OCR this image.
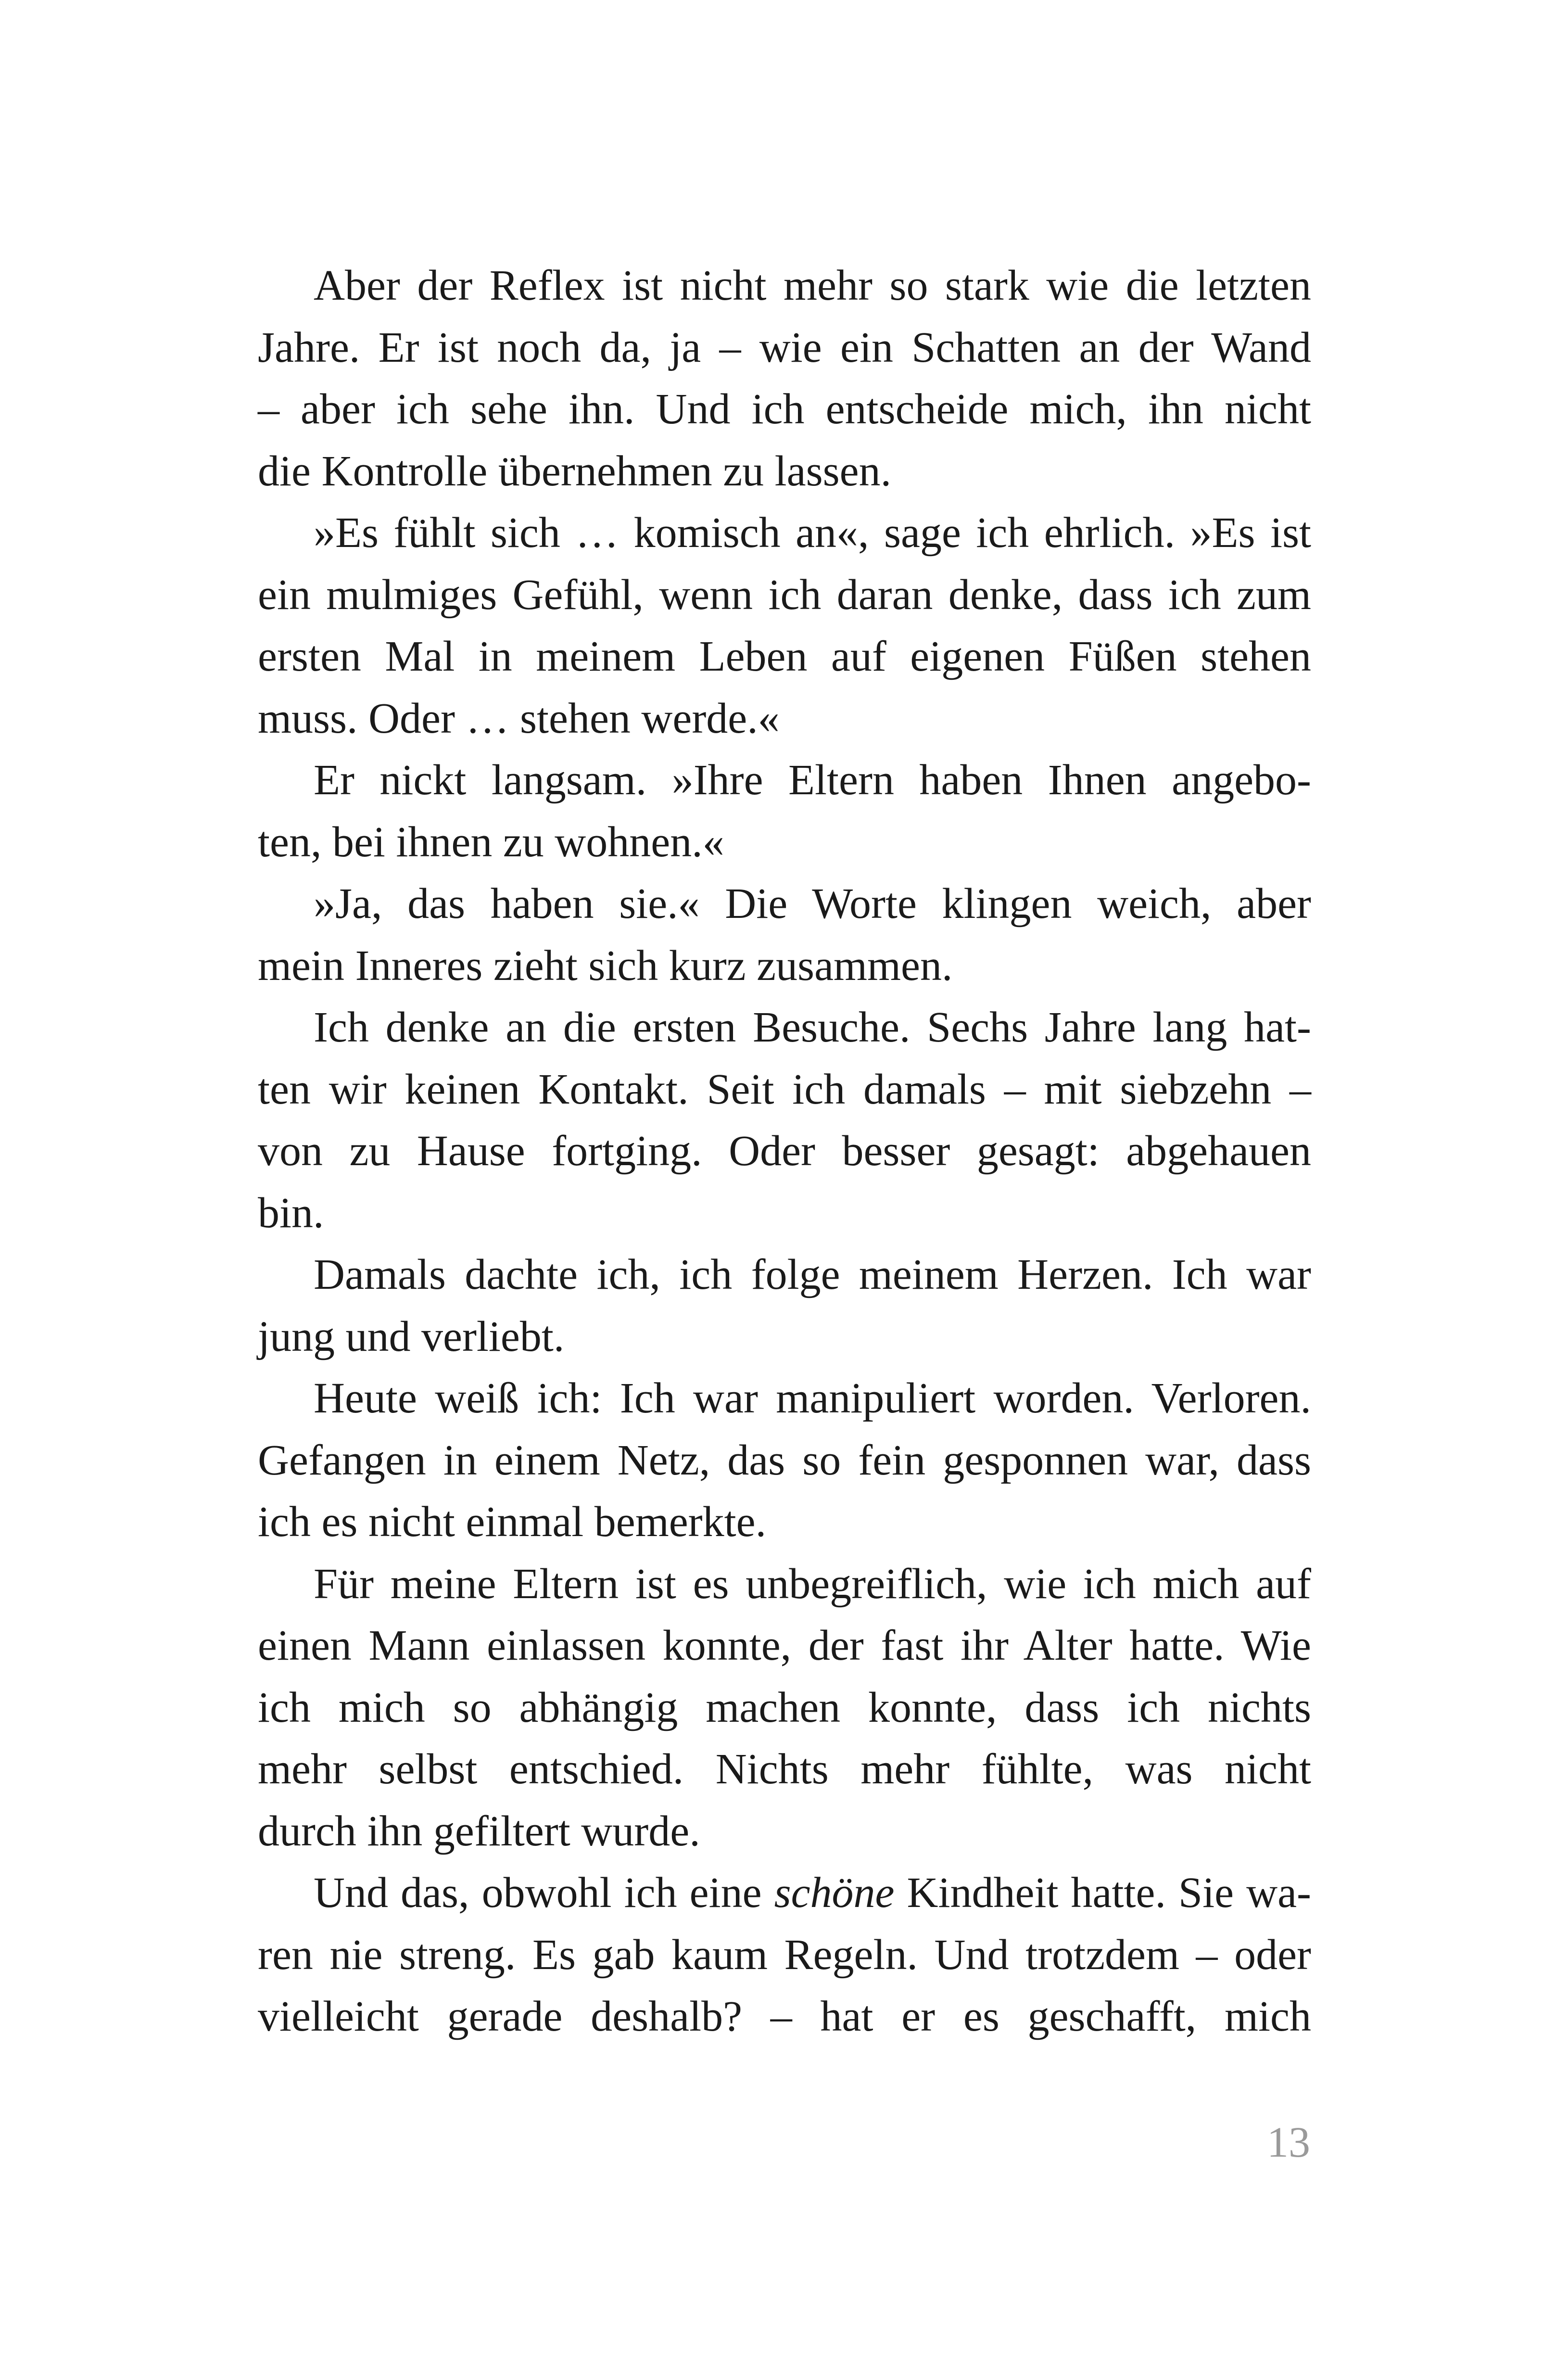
Aber der Reflex ist nicht mehr so stark wie die letzten
Jahre. Er ist noch da, ja – wie ein Schatten an der Wand
– aber ich sehe ihn. Und ich entscheide mich, ihn nicht
die Kontrolle übernehmen zu lassen.
»Es fühlt sich … komisch an«, sage ich ehrlich. »Es ist
ein mulmiges Gefühl, wenn ich daran denke, dass ich zum
ersten Mal in meinem Leben auf eigenen Füßen stehen
muss. Oder … stehen werde.«
Er nickt langsam. »Ihre Eltern haben Ihnen angebo-
ten, bei ihnen zu wohnen.«
»Ja, das haben sie.« Die Worte klingen weich, aber
mein Inneres zieht sich kurz zusammen.
Ich denke an die ersten Besuche. Sechs Jahre lang hat-
ten wir keinen Kontakt. Seit ich damals – mit siebzehn –
von zu Hause fortging. Oder besser gesagt: abgehauen
bin.
Damals dachte ich, ich folge meinem Herzen. Ich war
jung und verliebt.
Heute weiß ich: Ich war manipuliert worden. Verloren.
Gefangen in einem Netz, das so fein gesponnen war, dass
ich es nicht einmal bemerkte.
Für meine Eltern ist es unbegreiflich, wie ich mich auf
einen Mann einlassen konnte, der fast ihr Alter hatte. Wie
ich mich so abhängig machen konnte, dass ich nichts
mehr selbst entschied. Nichts mehr fühlte, was nicht
durch ihn gefiltert wurde.
Und das, obwohl ich eine schöne Kindheit hatte. Sie wa-
ren nie streng. Es gab kaum Regeln. Und trotzdem – oder
vielleicht gerade deshalb? – hat er es geschafft, mich
13
